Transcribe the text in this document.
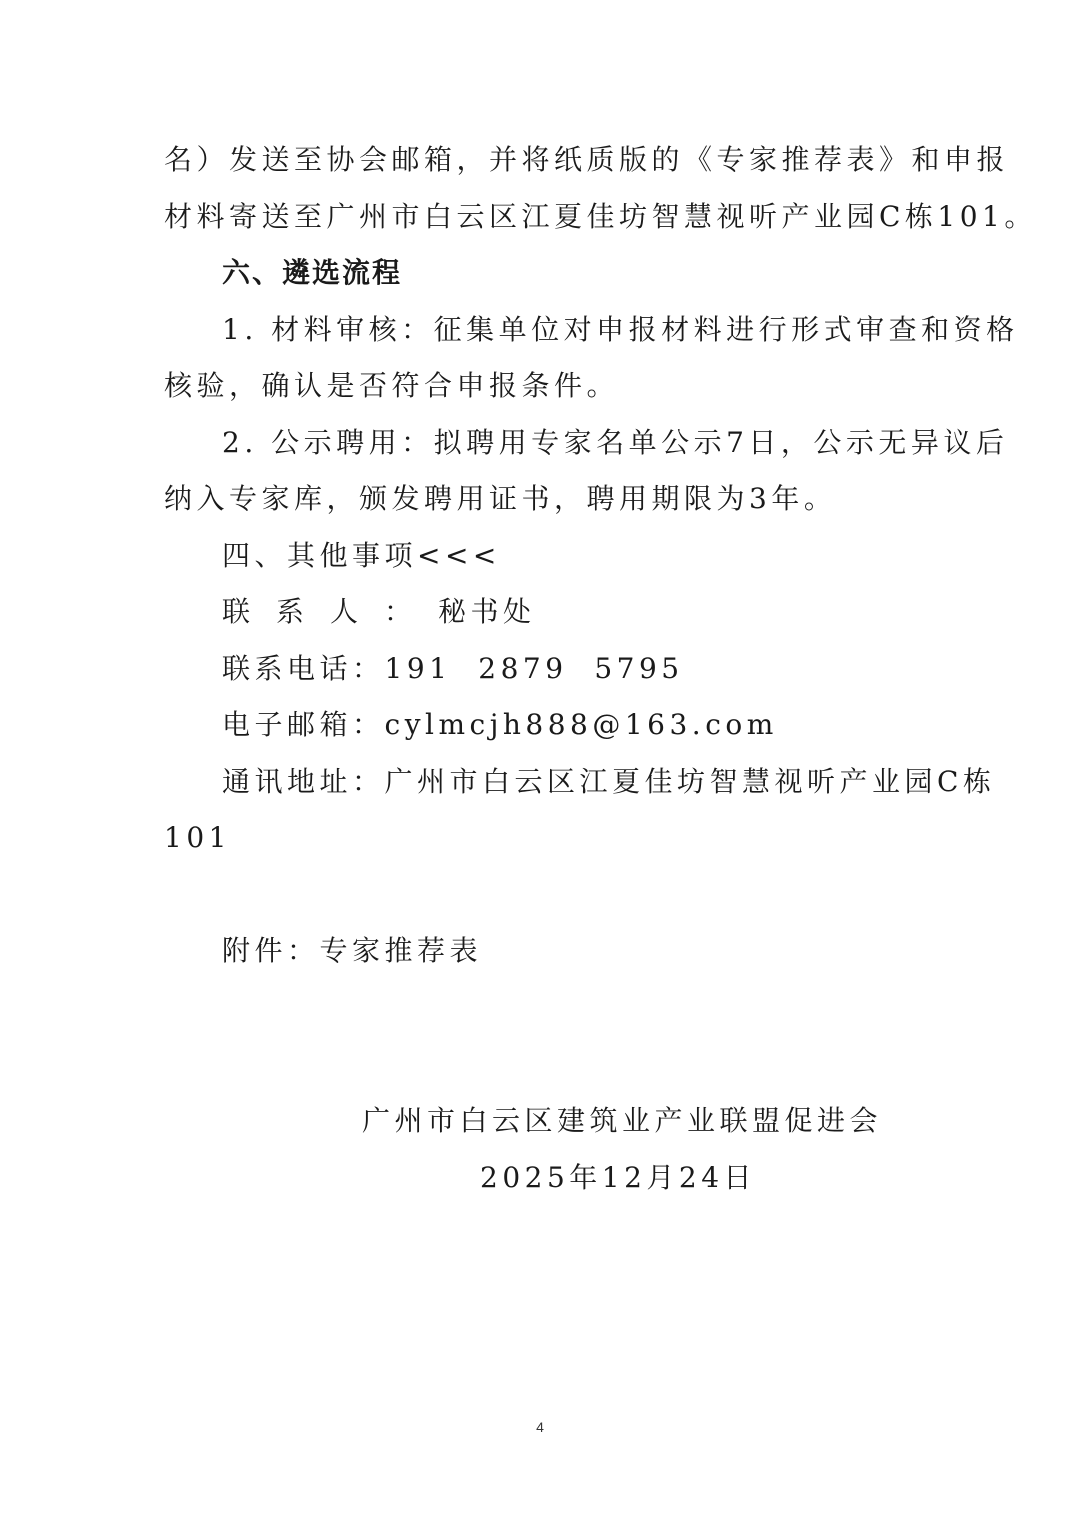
名）发送至协会邮箱，并将纸质版的《专家推荐表》和申报
材料寄送至广州市白云区江夏佳坊智慧视听产业园C栋101。
六、遴选流程
1. 材料审核：征集单位对申报材料进行形式审查和资格
核验，确认是否符合申报条件。
2. 公示聘用：拟聘用专家名单公示7日，公示无异议后
纳入专家库，颁发聘用证书，聘用期限为3年。
四、其他事项<<<
联系人：秘书处
联系电话：191  2879  5795
电子邮箱：cylmcjh888@163.com
通讯地址：广州市白云区江夏佳坊智慧视听产业园C栋
101
附件：专家推荐表
广州市白云区建筑业产业联盟促进会
2025年12月24日
4
